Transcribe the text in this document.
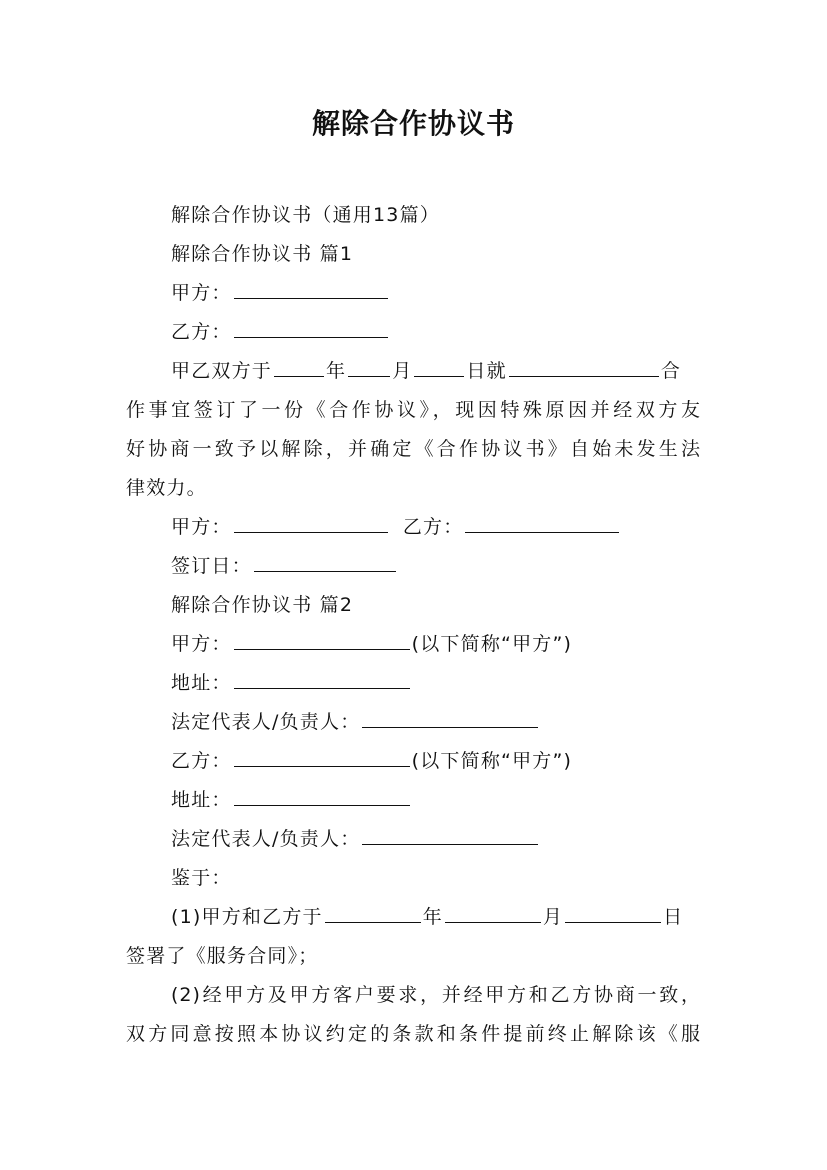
解除合作协议书
解除合作协议书（通用13篇）
解除合作协议书 篇1
甲方：
乙方：
甲乙双方于	年 月	日就	合
作事宜签订了一份《合作协议》，现因特殊原因并经双方友
好协商一致予以解除，并确定《合作协议书》自始未发生法
律效力。
甲方：	乙方：
签订日：
解除合作协议书 篇2
甲方：	(以下简称“甲方”)
地址：
法定代表人/负责人：
乙方：	(以下简称“甲方”)
地址：
法定代表人/负责人：
鉴于：
(1)甲方和乙方于	年	月	日
签署了《服务合同》；
(2)经甲方及甲方客户要求，并经甲方和乙方协商一致，
双方同意按照本协议约定的条款和条件提前终止解除该《服
